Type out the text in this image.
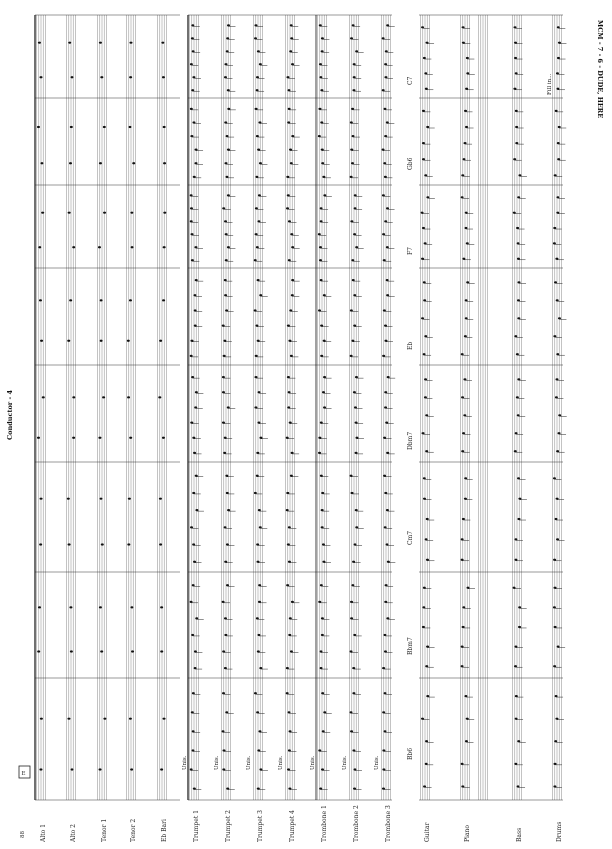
88
Conductor - 4
MCM - 7 - 6 - DUDE, HERE
E
Alto 1	Alto 2	Tenor 1	Tenor 2	Eb Bari	Trumpet 1
Unis.
Trumpet 2
Unis.
Trumpet 3
Unis.
Trumpet 4
Unis.
Trombone 1
Unis.
Trombone 2
Unis.
Trombone 3
Unis.
Guitar	Piano	Bass	Drums
Bb6
Bbm7
Cm7
Dbm7
Eb
F7
Gb6
C7	Fill in...
